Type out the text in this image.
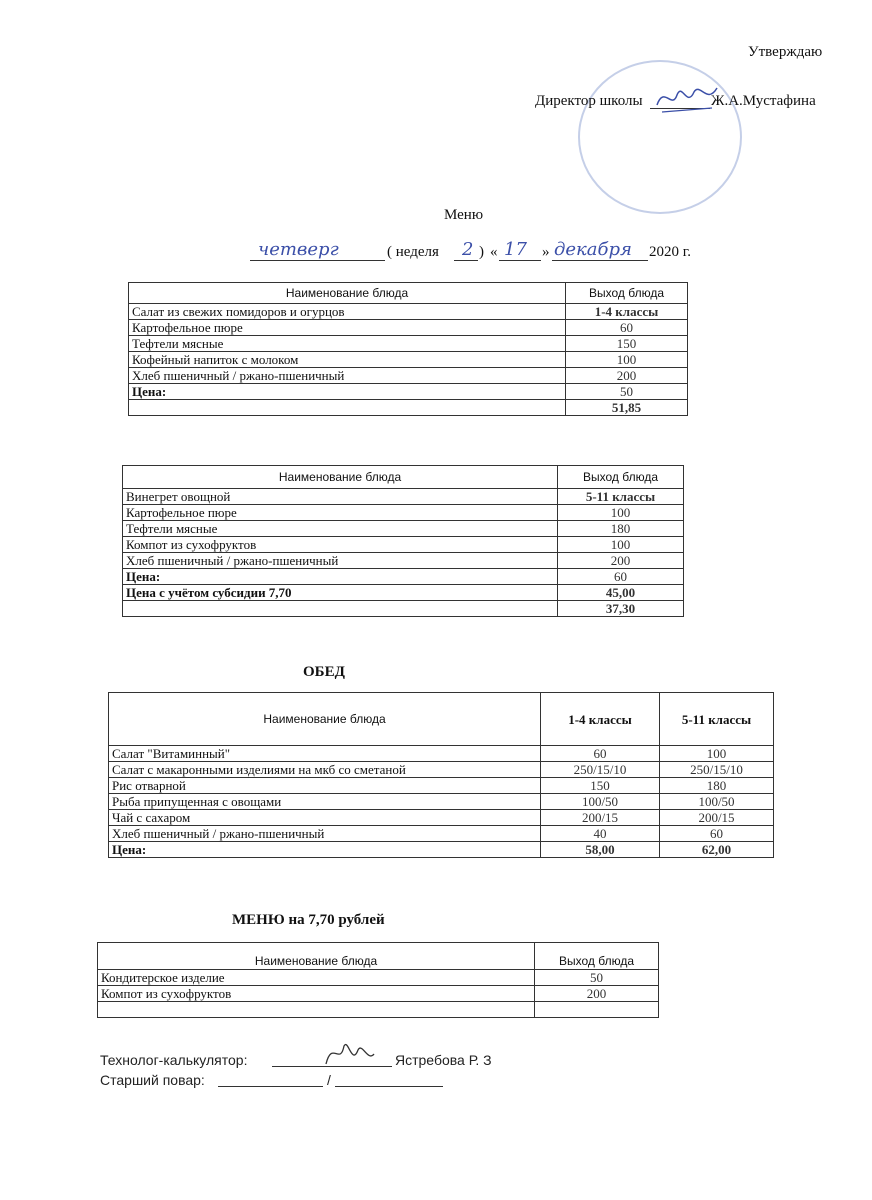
Утверждаю
Директор школы	Ж.А.Мустафина
Меню
четверг	( неделя 2 ) « 17 » декабря 2020 г.
Наименование блюда	Выход блюда
Салат из свежих помидоров и огурцов	1-4 классы
Картофельное пюре	60
Тефтели мясные	150
Кофейный напиток с молоком	100
Хлеб пшеничный / ржано-пшеничный	200
Цена:	50
	51,85
Наименование блюда	Выход блюда
Винегрет овощной	5-11 классы
Картофельное пюре	100
Тефтели мясные	180
Компот из сухофруктов	100
Хлеб пшеничный / ржано-пшеничный	200
Цена:	60
Цена с учётом субсидии 7,70	45,00
	37,30
ОБЕД
Наименование блюда	1-4 классы	5-11 классы
Салат "Витаминный"	60	100
Салат с макаронными изделиями на мкб со сметаной	250/15/10	250/15/10
Рис отварной	150	180
Рыба припущенная с овощами	100/50	100/50
Чай с сахаром	200/15	200/15
Хлеб пшеничный / ржано-пшеничный	40	60
Цена:	58,00	62,00
МЕНЮ на 7,70 рублей
Наименование блюда	Выход блюда
Кондитерское изделие	50
Компот из сухофруктов	200

Технолог-калькулятор:	Ястребова Р. З
Старший повар:	/
